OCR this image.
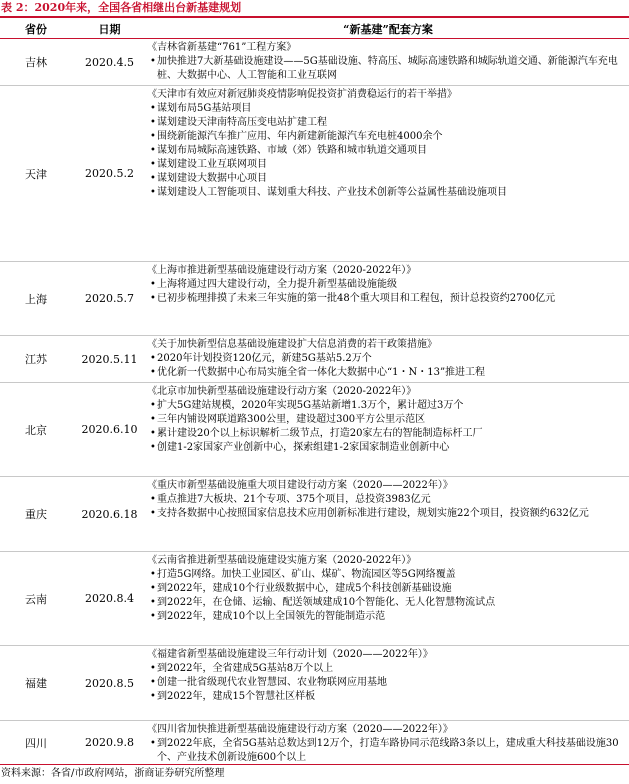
表 2：2020年来，全国各省相继出台新基建规划
省份	日期	“新基建”配套方案
吉林	2020.4.5
《吉林省新基建“761”工程方案》
• 加快推进7大新基础设施建设——5G基础设施、特高压、城际高速铁路和城际轨道交通、新能源汽车充电桩、大数据中心、人工智能和工业互联网
天津	2020.5.2
《天津市有效应对新冠肺炎疫情影响促投资扩消费稳运行的若干举措》
• 谋划布局5G基站项目
• 谋划建设天津南特高压变电站扩建工程
• 围绕新能源汽车推广应用、年内新建新能源汽车充电桩4000余个
• 谋划布局城际高速铁路、市域（郊）铁路和城市轨道交通项目
• 谋划建设工业互联网项目
• 谋划建设大数据中心项目
• 谋划建设人工智能项目、谋划重大科技、产业技术创新等公益属性基础设施项目
上海	2020.5.7
《上海市推进新型基础设施建设行动方案（2020-2022年）》
• 上海将通过四大建设行动，全力提升新型基础设施能级
• 已初步梳理排摸了未来三年实施的第一批48个重大项目和工程包，预计总投资约2700亿元
江苏	2020.5.11
《关于加快新型信息基础设施建设扩大信息消费的若干政策措施》
• 2020年计划投资120亿元，新建5G基站5.2万个
• 优化新一代数据中心布局实施全省一体化大数据中心“1・N・13”推进工程
北京	2020.6.10
《北京市加快新型基础设施建设行动方案（2020-2022年）》
• 扩大5G建站规模，2020年实现5G基站新增1.3万个，累计超过3万个
• 三年内铺设网联道路300公里，建设超过300平方公里示范区
• 累计建设20个以上标识解析二级节点，打造20家左右的智能制造标杆工厂
• 创建1-2家国家产业创新中心，探索组建1-2家国家制造业创新中心
重庆	2020.6.18
《重庆市新型基础设施重大项目建设行动方案（2020——2022年）》
• 重点推进7大板块、21个专项、375个项目，总投资3983亿元
• 支持各数据中心按照国家信息技术应用创新标准进行建设，规划实施22个项目，投资额约632亿元
云南	2020.8.4
《云南省推进新型基础设施建设实施方案（2020-2022年）》
• 打造5G网络。加快工业园区、矿山、煤矿、物流园区等5G网络覆盖
• 到2022年，建成10个行业级数据中心，建成5个科技创新基础设施
• 到2022年，在仓储、运输、配送领域建成10个智能化、无人化智慧物流试点
• 到2022年，建成10个以上全国领先的智能制造示范
福建	2020.8.5
《福建省新型基础设施建设三年行动计划（2020——2022年）》
• 到2022年，全省建成5G基站8万个以上
• 创建一批省级现代农业智慧园、农业物联网应用基地
• 到2022年，建成15个智慧社区样板
四川	2020.9.8
《四川省加快推进新型基础设施建设行动方案（2020——2022年）》
• 到2022年底，全省5G基站总数达到12万个，打造车路协同示范线路3条以上，建成重大科技基础设施30个、产业技术创新设施600个以上
资料来源：各省/市政府网站，浙商证券研究所整理
